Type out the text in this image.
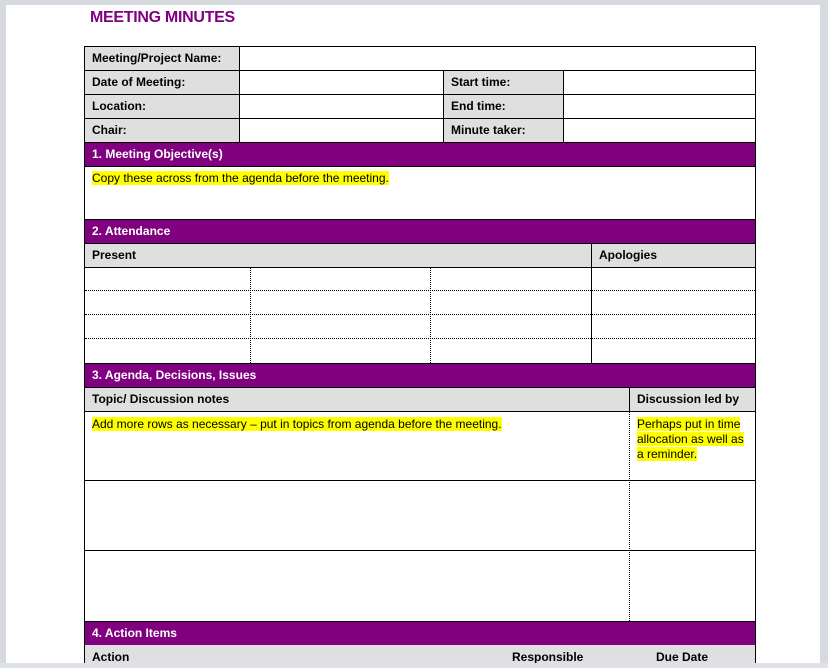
MEETING MINUTES
Meeting/Project Name:
Date of Meeting:	Start time:
Location:	End time:
Chair:	Minute taker:
1. Meeting Objective(s)
Copy these across from the agenda before the meeting.
2. Attendance
Present	Apologies
3. Agenda, Decisions, Issues
Topic/ Discussion notes	Discussion led by
Add more rows as necessary – put in topics from agenda before the meeting.	Perhaps put in time allocation as well as a reminder.
4. Action Items
Action	Responsible	Due Date
